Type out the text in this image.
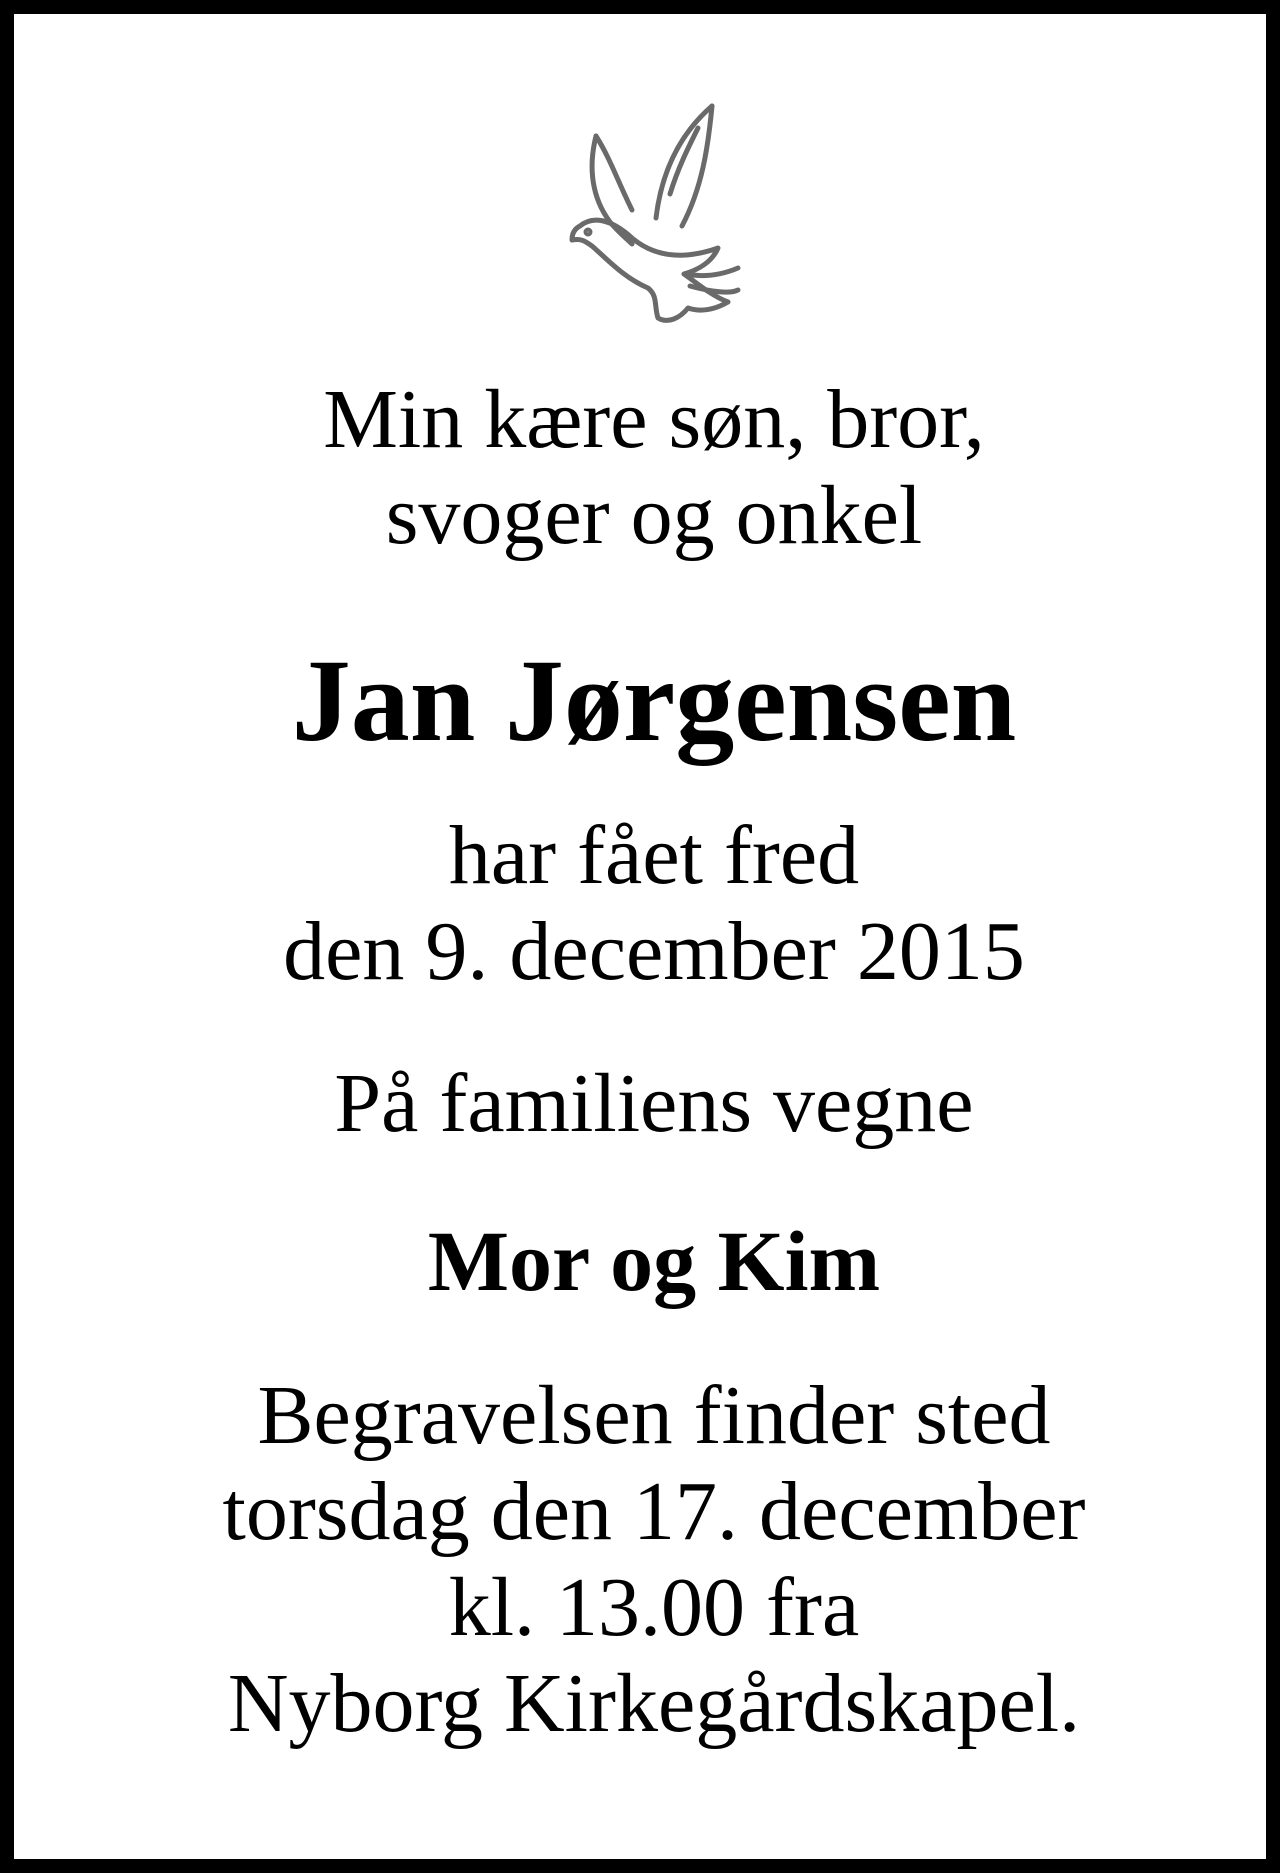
Min kære søn, bror,
svoger og onkel
Jan Jørgensen
har fået fred
den 9. december 2015
På familiens vegne
Mor og Kim
Begravelsen finder sted
torsdag den 17. december
kl. 13.00 fra
Nyborg Kirkegårdskapel.
